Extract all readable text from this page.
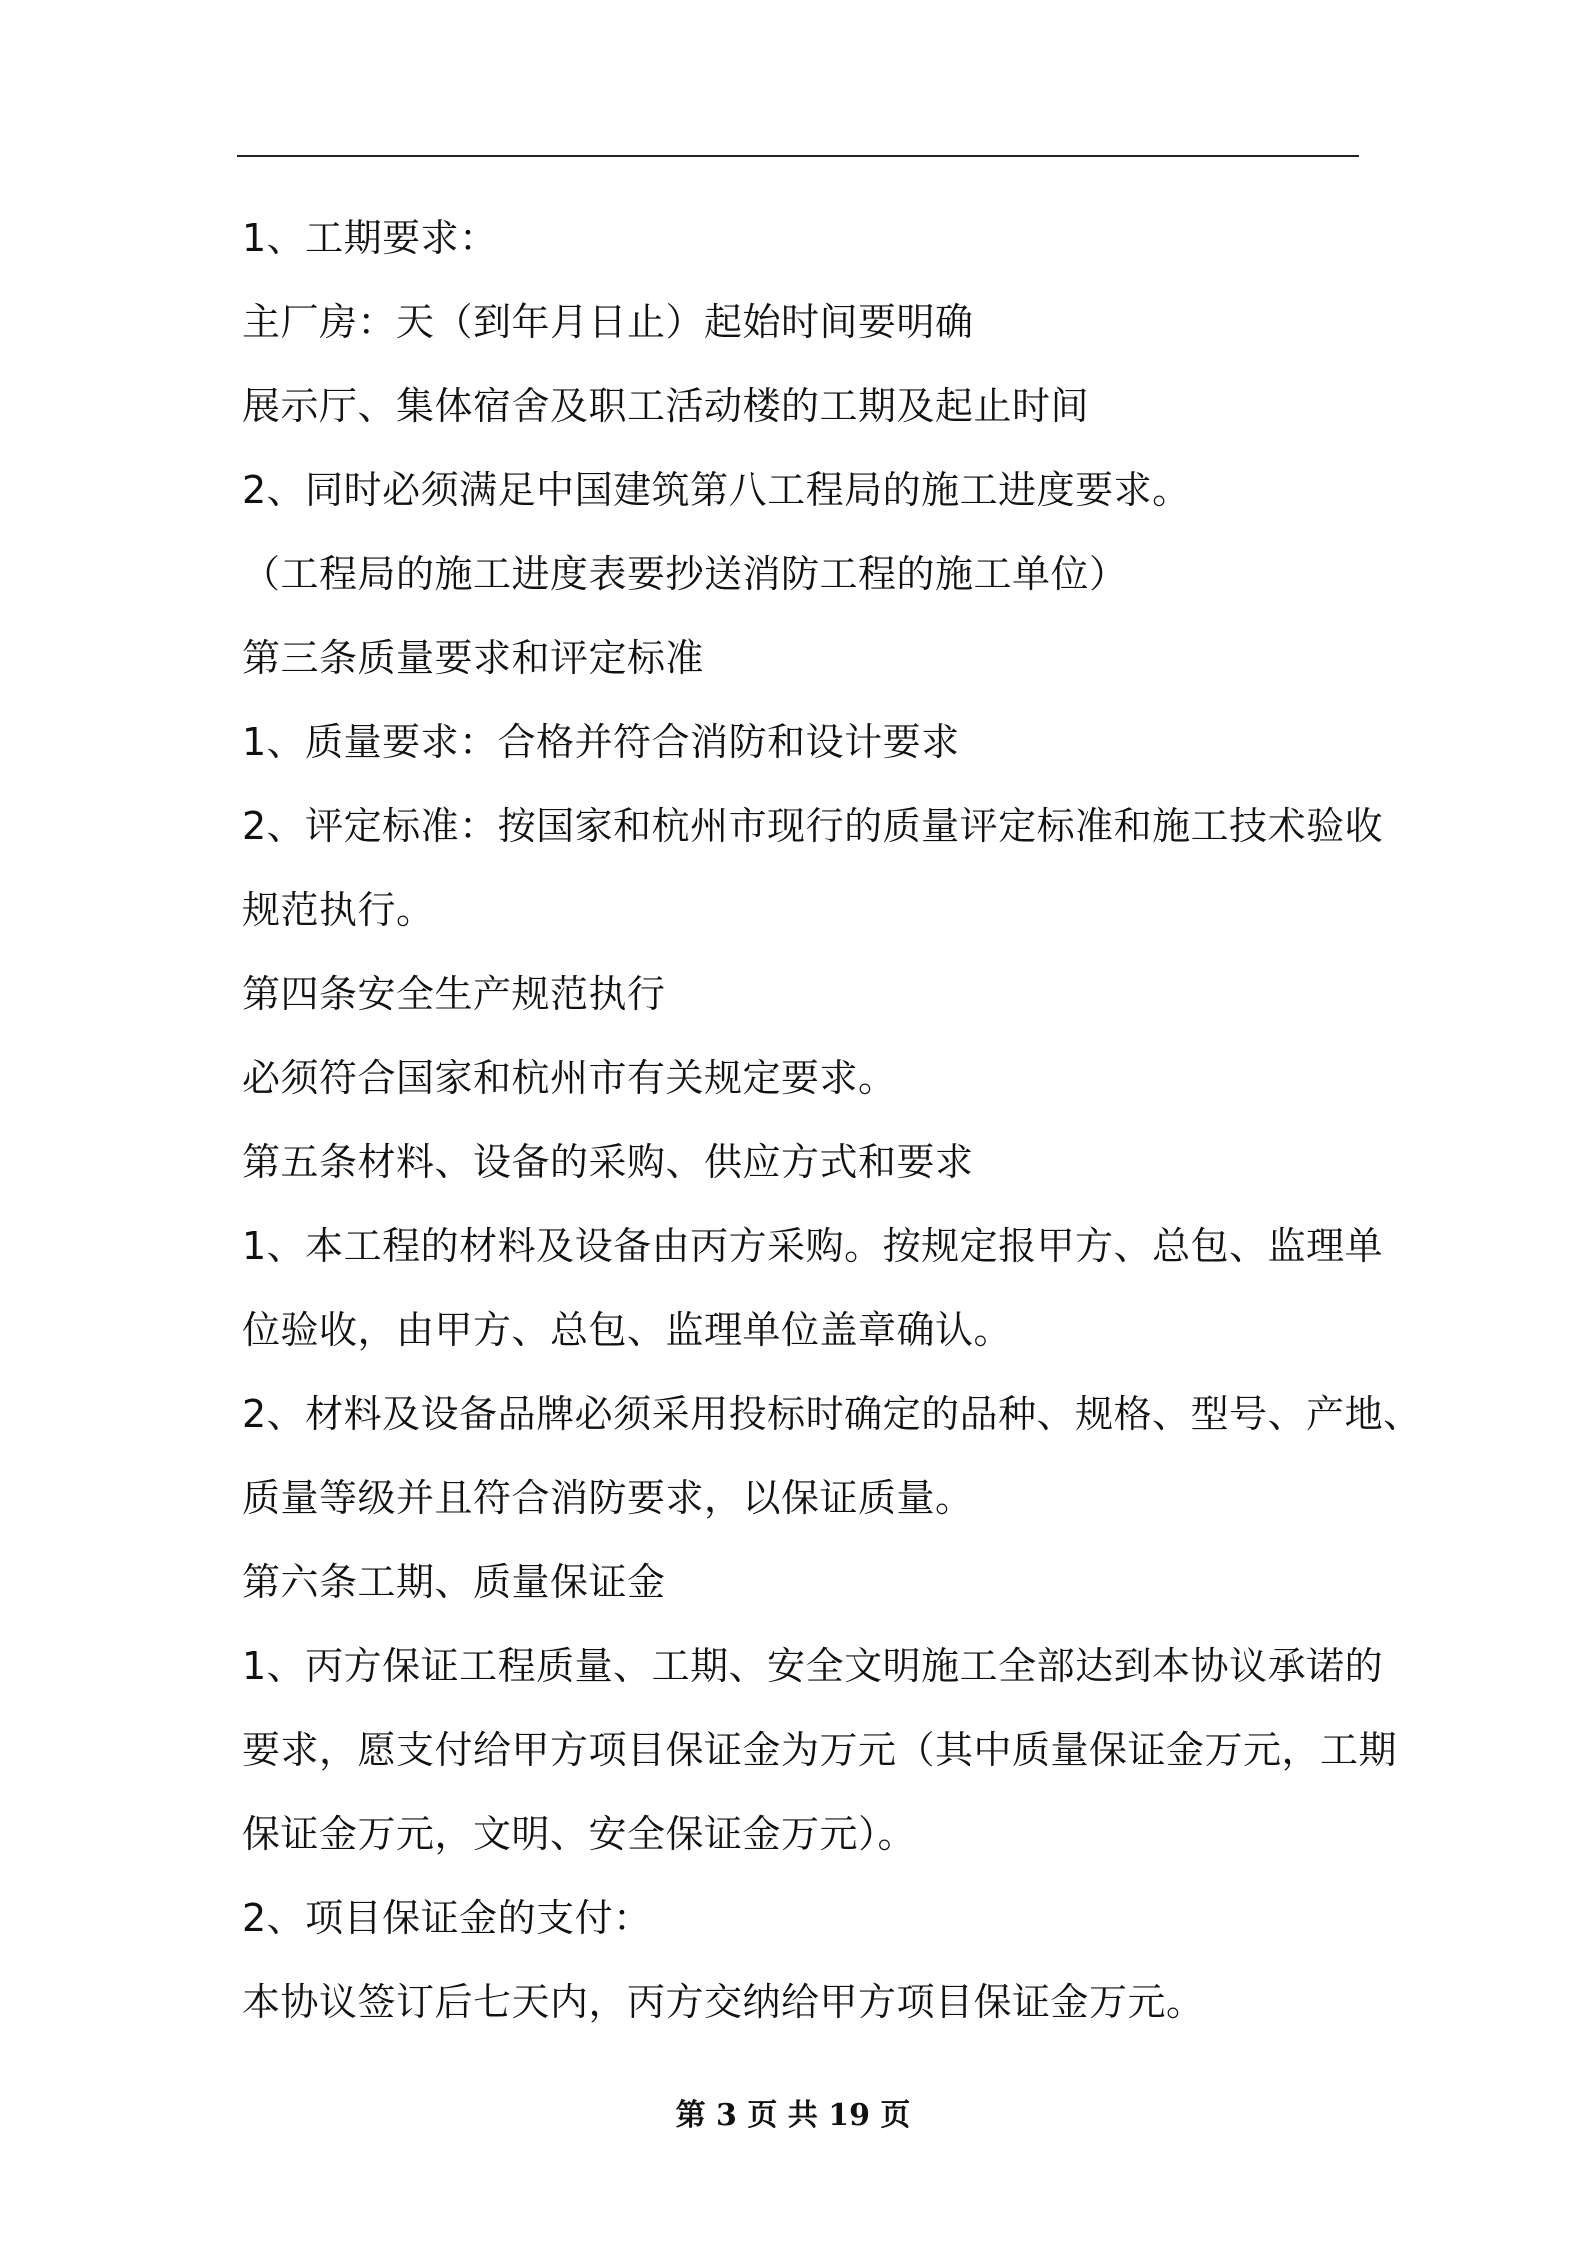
1、工期要求：
主厂房：天（到年月日止）起始时间要明确
展示厅、集体宿舍及职工活动楼的工期及起止时间
2、同时必须满足中国建筑第八工程局的施工进度要求。
（工程局的施工进度表要抄送消防工程的施工单位）
第三条质量要求和评定标准
1、质量要求：合格并符合消防和设计要求
2、评定标准：按国家和杭州市现行的质量评定标准和施工技术验收
规范执行。
第四条安全生产规范执行
必须符合国家和杭州市有关规定要求。
第五条材料、设备的采购、供应方式和要求
1、本工程的材料及设备由丙方采购。按规定报甲方、总包、监理单
位验收，由甲方、总包、监理单位盖章确认。
2、材料及设备品牌必须采用投标时确定的品种、规格、型号、产地、
质量等级并且符合消防要求，以保证质量。
第六条工期、质量保证金
1、丙方保证工程质量、工期、安全文明施工全部达到本协议承诺的
要求，愿支付给甲方项目保证金为万元（其中质量保证金万元，工期
保证金万元，文明、安全保证金万元）。
2、项目保证金的支付：
本协议签订后七天内，丙方交纳给甲方项目保证金万元。
第 3 页 共 19 页
